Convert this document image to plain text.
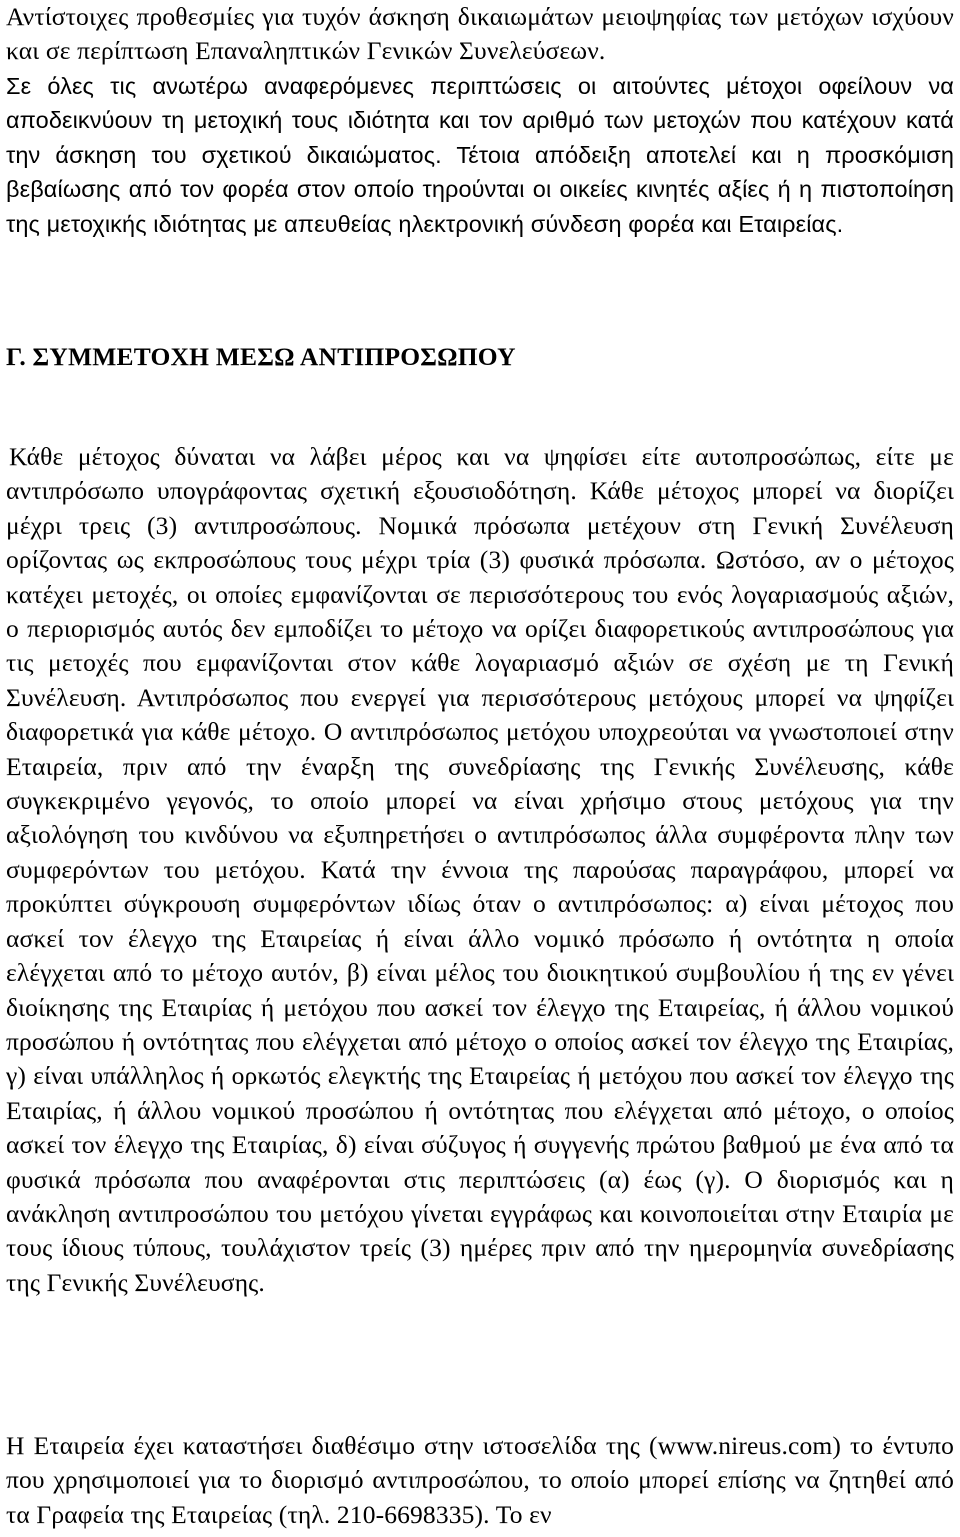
Αντίστοιχες προθεσμίες για τυχόν άσκηση δικαιωμάτων μειοψηφίας των μετόχων ισχύουν και σε περίπτωση Επαναληπτικών Γενικών Συνελεύσεων.

Σε όλες τις ανωτέρω αναφερόμενες περιπτώσεις οι αιτούντες μέτοχοι οφείλουν να αποδεικνύουν τη μετοχική τους ιδιότητα και τον αριθμό των μετοχών που κατέχουν κατά την άσκηση του σχετικού δικαιώματος. Τέτοια απόδειξη αποτελεί και η προσκόμιση βεβαίωσης από τον φορέα στον οποίο τηρούνται οι οικείες κινητές αξίες ή η πιστοποίηση της μετοχικής ιδιότητας με απευθείας ηλεκτρονική σύνδεση φορέα και Εταιρείας.

Γ. ΣΥΜΜΕΤΟΧΗ ΜΕΣΩ ΑΝΤΙΠΡΟΣΩΠΟΥ

Κάθε μέτοχος δύναται να λάβει μέρος και να ψηφίσει είτε αυτοπροσώπως, είτε με αντιπρόσωπο υπογράφοντας σχετική εξουσιοδότηση. Κάθε μέτοχος μπορεί να διορίζει μέχρι τρεις (3) αντιπροσώπους. Νομικά πρόσωπα μετέχουν στη Γενική Συνέλευση ορίζοντας ως εκπροσώπους τους μέχρι τρία (3) φυσικά πρόσωπα. Ωστόσο, αν ο μέτοχος κατέχει μετοχές, οι οποίες εμφανίζονται σε περισσότερους του ενός λογαριασμούς αξιών, ο περιορισμός αυτός δεν εμποδίζει το μέτοχο να ορίζει διαφορετικούς αντιπροσώπους για τις μετοχές που εμφανίζονται στον κάθε λογαριασμό αξιών σε σχέση με τη Γενική Συνέλευση. Αντιπρόσωπος που ενεργεί για περισσότερους μετόχους μπορεί να ψηφίζει διαφορετικά για κάθε μέτοχο. Ο αντιπρόσωπος μετόχου υποχρεούται να γνωστοποιεί στην Εταιρεία, πριν από την έναρξη της συνεδρίασης της Γενικής Συνέλευσης, κάθε συγκεκριμένο γεγονός, το οποίο μπορεί να είναι χρήσιμο στους μετόχους για την αξιολόγηση του κινδύνου να εξυπηρετήσει ο αντιπρόσωπος άλλα συμφέροντα πλην των συμφερόντων του μετόχου. Κατά την έννοια της παρούσας παραγράφου, μπορεί να προκύπτει σύγκρουση συμφερόντων ιδίως όταν ο αντιπρόσωπος: α) είναι μέτοχος που ασκεί τον έλεγχο της Εταιρείας ή είναι άλλο νομικό πρόσωπο ή οντότητα η οποία ελέγχεται από το μέτοχο αυτόν, β) είναι μέλος του διοικητικού συμβουλίου ή της εν γένει διοίκησης της Εταιρίας ή μετόχου που ασκεί τον έλεγχο της Εταιρείας, ή άλλου νομικού προσώπου ή οντότητας που ελέγχεται από μέτοχο ο οποίος ασκεί τον έλεγχο της Εταιρίας, γ) είναι υπάλληλος ή ορκωτός ελεγκτής της Εταιρείας ή μετόχου που ασκεί τον έλεγχο της Εταιρίας, ή άλλου νομικού προσώπου ή οντότητας που ελέγχεται από μέτοχο, ο οποίος ασκεί τον έλεγχο της Εταιρίας, δ) είναι σύζυγος ή συγγενής πρώτου βαθμού με ένα από τα φυσικά πρόσωπα που αναφέρονται στις περιπτώσεις (α) έως (γ). Ο διορισμός και η ανάκληση αντιπροσώπου του μετόχου γίνεται εγγράφως και κοινοποιείται στην Εταιρία με τους ίδιους τύπους, τουλάχιστον τρείς (3) ημέρες πριν από την ημερομηνία συνεδρίασης της Γενικής Συνέλευσης.

Η Εταιρεία έχει καταστήσει διαθέσιμο στην ιστοσελίδα της (www.nireus.com) το έντυπο που χρησιμοποιεί για το διορισμό αντιπροσώπου, το οποίο μπορεί επίσης να ζητηθεί από τα Γραφεία της Εταιρείας (τηλ. 210-6698335). Το εν
